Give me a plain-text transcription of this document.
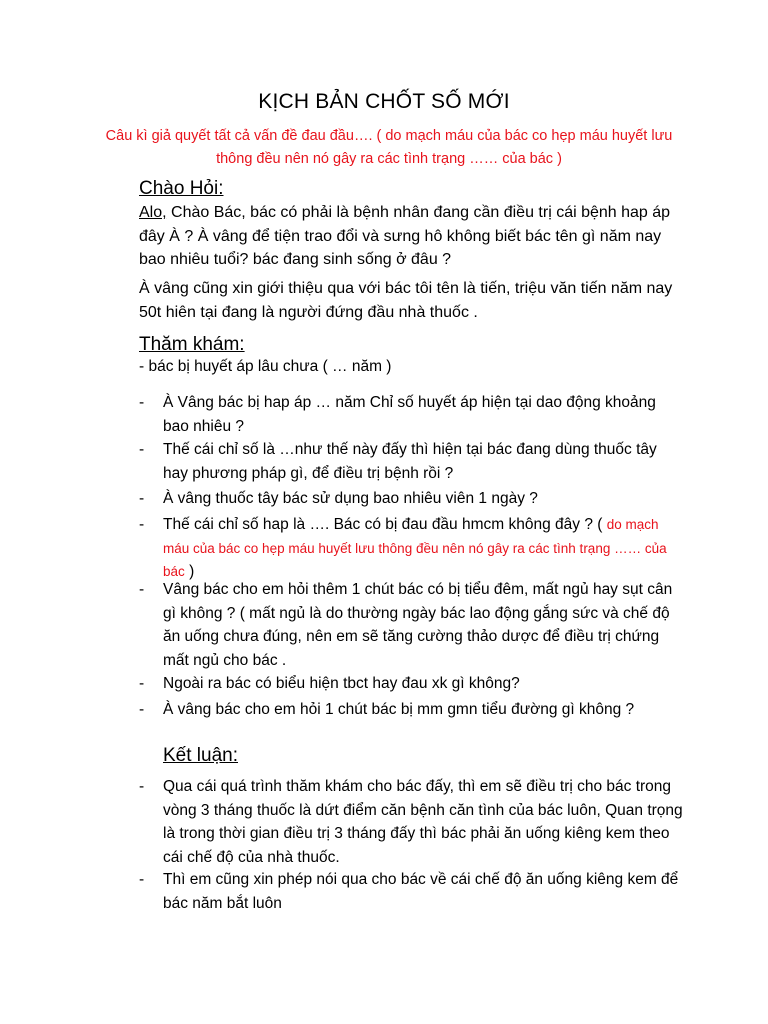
KỊCH BẢN CHỐT SỐ MỚI
Câu kì giả quyết tất cả vấn đề đau đầu…. ( do mạch máu của bác co hẹp máu huyết lưu thông đều nên nó gây ra các tình trạng …… của bác )
Chào Hỏi:
Alo, Chào Bác, bác có phải là bệnh nhân đang cần điều trị cái bệnh hap áp đây À ? À vâng để tiện trao đổi và sưng hô không biết bác tên gì năm nay bao nhiêu tuổi? bác đang sinh sống ở đâu ?
À vâng cũng xin giới thiệu qua với bác tôi tên là tiến, triệu văn tiến năm nay 50t hiên tại đang là người đứng đầu nhà thuốc .
Thăm khám:
- bác bị huyết áp lâu chưa ( … năm )
-	À Vâng bác bị hap áp … năm Chỉ số huyết áp hiện tại dao động khoảng bao nhiêu ?
-	Thế cái chỉ số là …như thế này đấy thì hiện tại bác đang dùng thuốc tây hay phương pháp gì, để điều trị bệnh rồi ?
-	À vâng thuốc tây bác sử dụng bao nhiêu viên 1 ngày ?
-	Thế cái chỉ số hap là …. Bác có bị đau đầu hmcm không đây ? ( do mạch máu của bác co hẹp máu huyết lưu thông đều nên nó gây ra các tình trạng …… của bác )
-	Vâng bác cho em hỏi thêm 1 chút bác có bị tiểu đêm, mất ngủ hay sụt cân gì không ? ( mất ngủ là do thường ngày bác lao động gắng sức và chế độ ăn uống chưa đúng, nên em sẽ tăng cường thảo dược để điều trị chứng mất ngủ cho bác .
-	Ngoài ra bác có biểu hiện tbct hay đau xk gì không?
-	À vâng bác cho em hỏi 1 chút bác bị mm gmn tiểu đường gì không ?
Kết luận:
-	Qua cái quá trình thăm khám cho bác đấy, thì em sẽ điều trị cho bác trong vòng 3 tháng thuốc là dứt điểm căn bệnh căn tình của bác luôn, Quan trọng là trong thời gian điều trị 3 tháng đấy thì bác phải ăn uống kiêng kem theo cái chế độ của nhà thuốc.
-	Thì em cũng xin phép nói qua cho bác về cái chế độ ăn uống kiêng kem để bác năm bắt luôn
